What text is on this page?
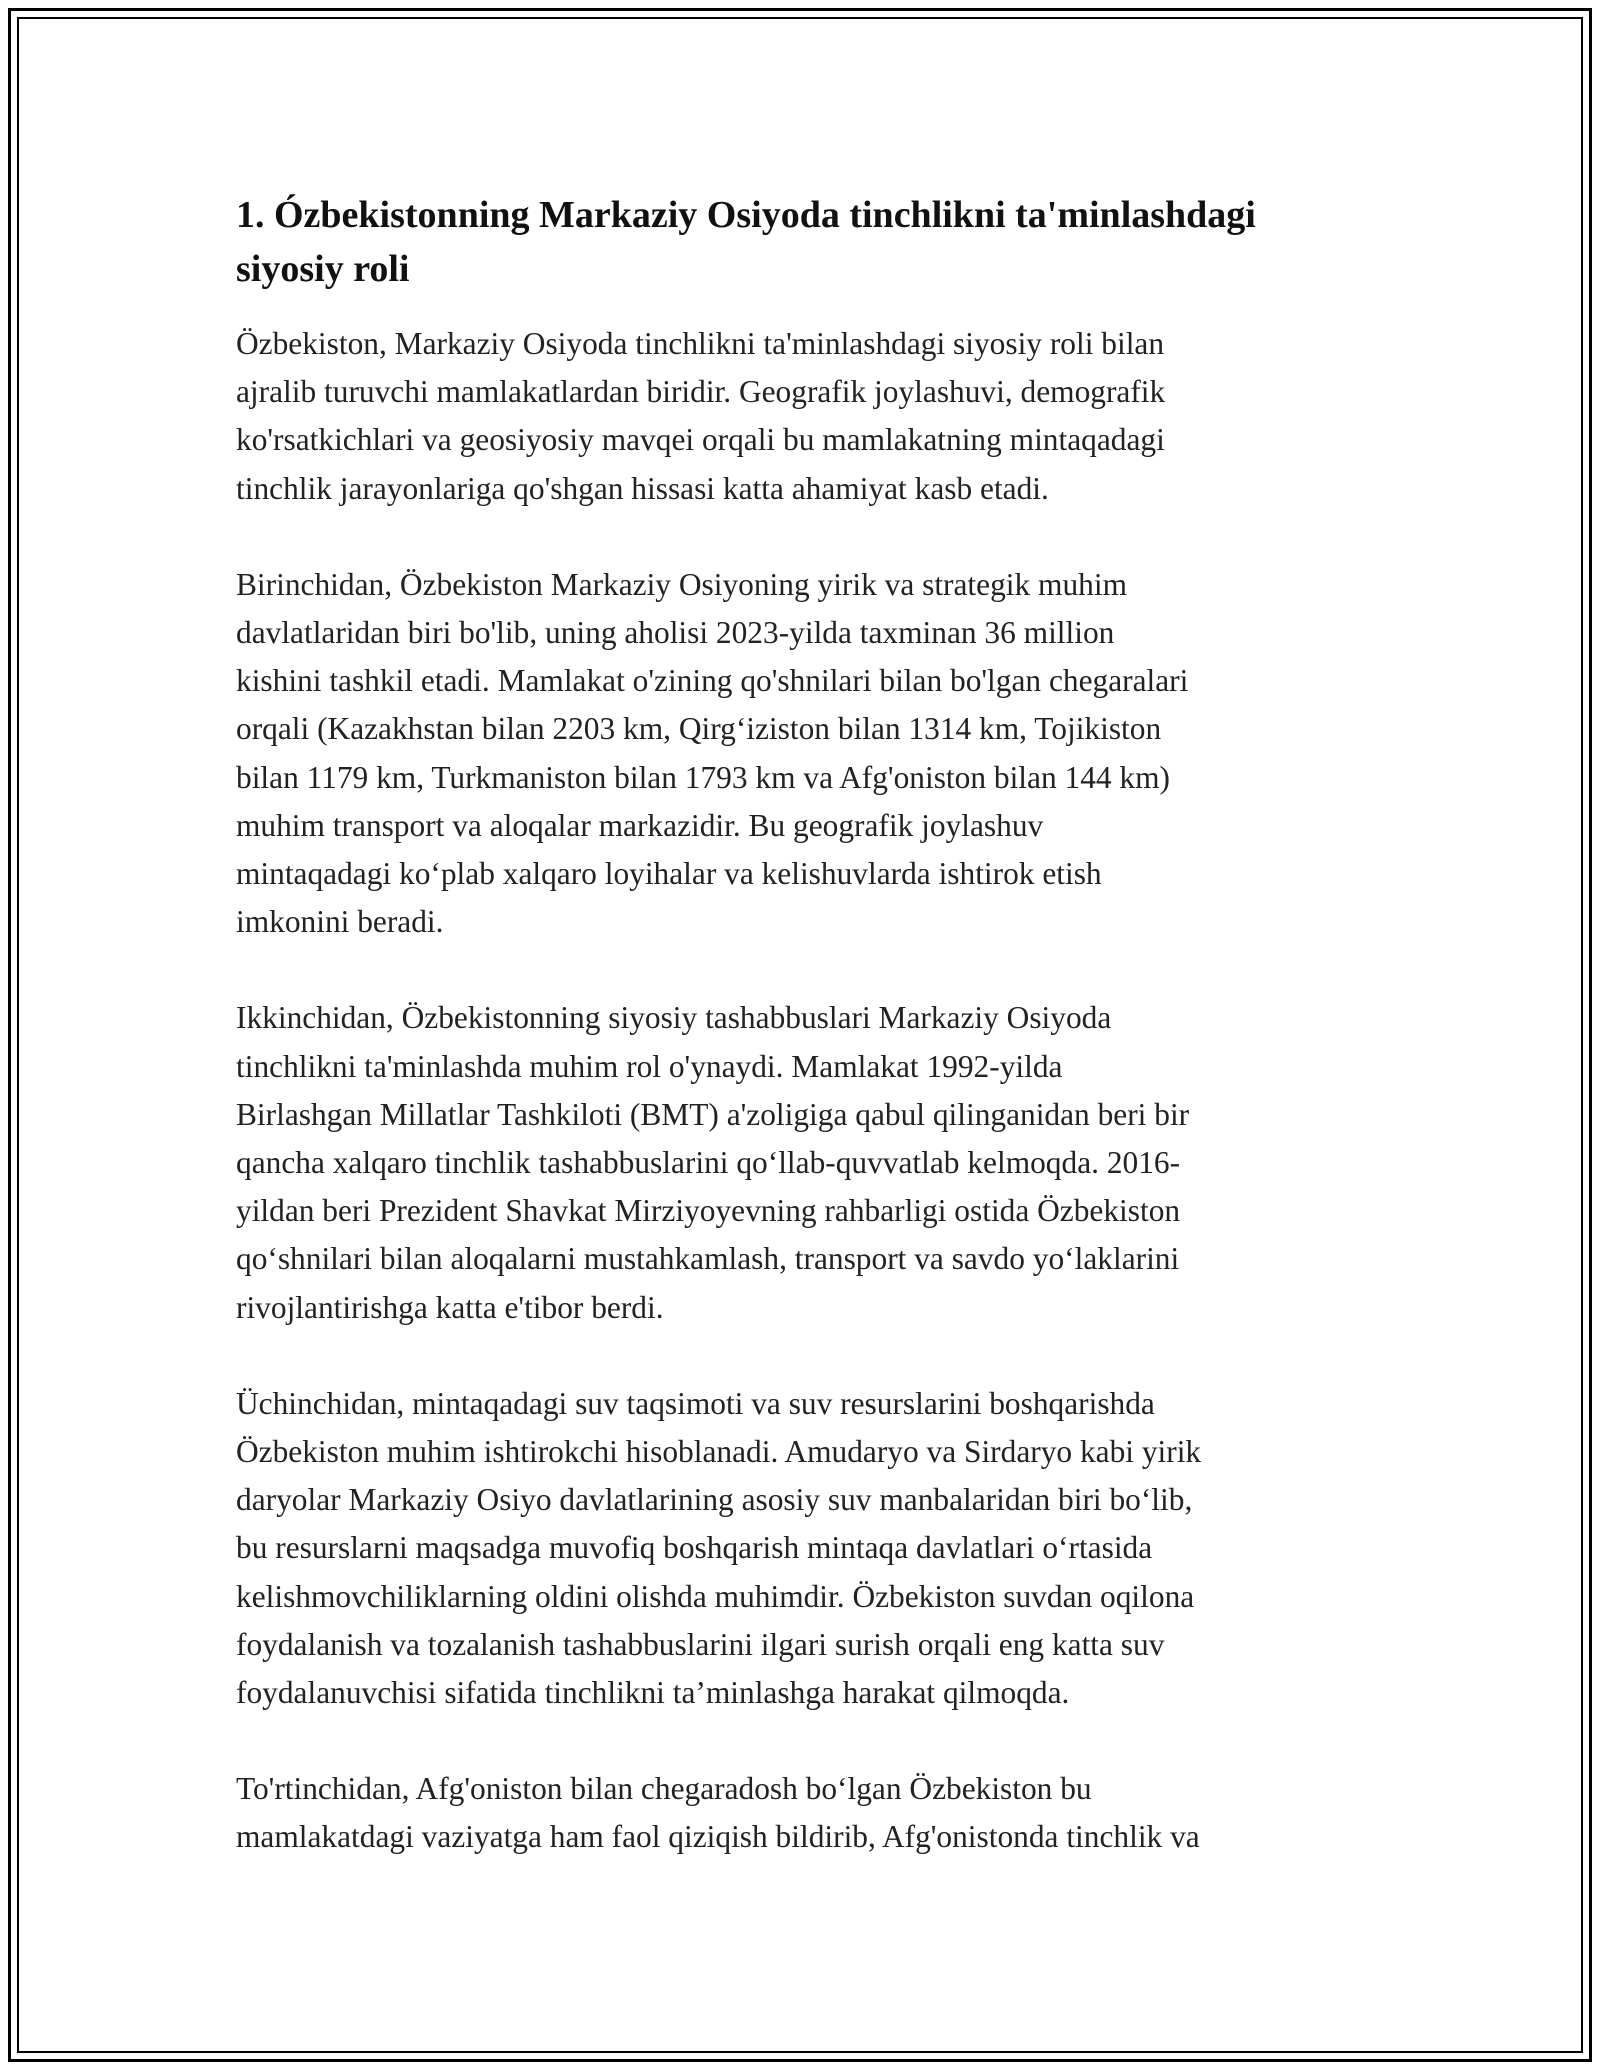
1. Ózbekistonning Markaziy Osiyoda tinchlikni ta'minlashdagi
siyosiy roli

Özbekiston, Markaziy Osiyoda tinchlikni ta'minlashdagi siyosiy roli bilan
ajralib turuvchi mamlakatlardan biridir. Geografik joylashuvi, demografik
ko'rsatkichlari va geosiyosiy mavqei orqali bu mamlakatning mintaqadagi
tinchlik jarayonlariga qo'shgan hissasi katta ahamiyat kasb etadi.

Birinchidan, Özbekiston Markaziy Osiyoning yirik va strategik muhim
davlatlaridan biri bo'lib, uning aholisi 2023-yilda taxminan 36 million
kishini tashkil etadi. Mamlakat o'zining qo'shnilari bilan bo'lgan chegaralari
orqali (Kazakhstan bilan 2203 km, Qirg‘iziston bilan 1314 km, Tojikiston
bilan 1179 km, Turkmaniston bilan 1793 km va Afg'oniston bilan 144 km)
muhim transport va aloqalar markazidir. Bu geografik joylashuv
mintaqadagi ko‘plab xalqaro loyihalar va kelishuvlarda ishtirok etish
imkonini beradi.

Ikkinchidan, Özbekistonning siyosiy tashabbuslari Markaziy Osiyoda
tinchlikni ta'minlashda muhim rol o'ynaydi. Mamlakat 1992-yilda
Birlashgan Millatlar Tashkiloti (BMT) a'zoligiga qabul qilinganidan beri bir
qancha xalqaro tinchlik tashabbuslarini qo‘llab-quvvatlab kelmoqda. 2016-
yildan beri Prezident Shavkat Mirziyoyevning rahbarligi ostida Özbekiston
qo‘shnilari bilan aloqalarni mustahkamlash, transport va savdo yo‘laklarini
rivojlantirishga katta e'tibor berdi.

Üchinchidan, mintaqadagi suv taqsimoti va suv resurslarini boshqarishda
Özbekiston muhim ishtirokchi hisoblanadi. Amudaryo va Sirdaryo kabi yirik
daryolar Markaziy Osiyo davlatlarining asosiy suv manbalaridan biri bo‘lib,
bu resurslarni maqsadga muvofiq boshqarish mintaqa davlatlari o‘rtasida
kelishmovchiliklarning oldini olishda muhimdir. Özbekiston suvdan oqilona
foydalanish va tozalanish tashabbuslarini ilgari surish orqali eng katta suv
foydalanuvchisi sifatida tinchlikni ta’minlashga harakat qilmoqda.

To'rtinchidan, Afg'oniston bilan chegaradosh bo‘lgan Özbekiston bu
mamlakatdagi vaziyatga ham faol qiziqish bildirib, Afg'onistonda tinchlik va
